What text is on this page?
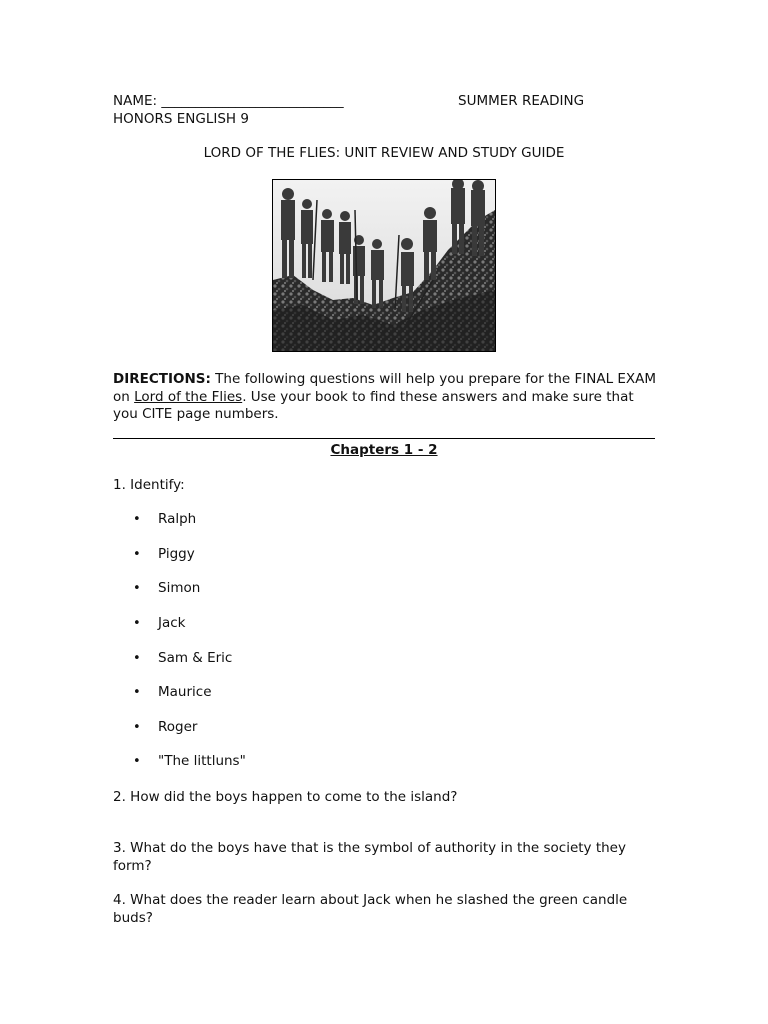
NAME: ___________________________	SUMMER READING
HONORS ENGLISH 9
LORD OF THE FLIES: UNIT REVIEW AND STUDY GUIDE
DIRECTIONS: The following questions will help you prepare for the FINAL EXAM on Lord of the Flies. Use your book to find these answers and make sure that you CITE page numbers.
Chapters 1 - 2
1. Identify:
• Ralph
• Piggy
• Simon
• Jack
• Sam & Eric
• Maurice
• Roger
• "The littluns"
2. How did the boys happen to come to the island?
3. What do the boys have that is the symbol of authority in the society they form?
4. What does the reader learn about Jack when he slashed the green candle buds?
